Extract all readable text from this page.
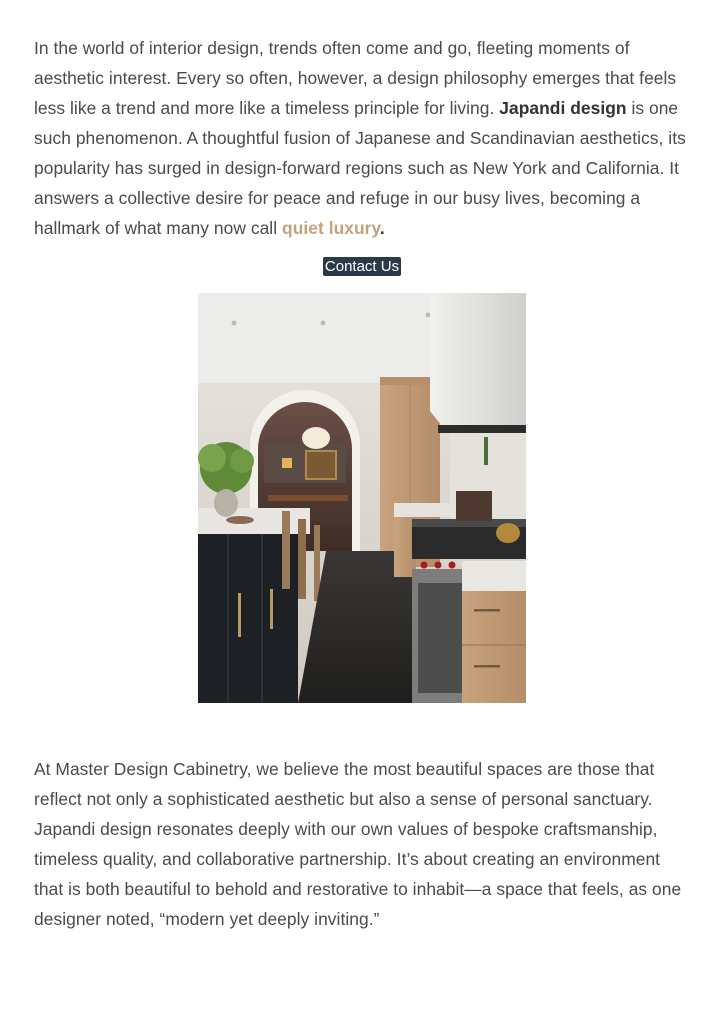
In the world of interior design, trends often come and go, fleeting moments of aesthetic interest. Every so often, however, a design philosophy emerges that feels less like a trend and more like a timeless principle for living. Japandi design is one such phenomenon. A thoughtful fusion of Japanese and Scandinavian aesthetics, its popularity has surged in design-forward regions such as New York and California. It answers a collective desire for peace and refuge in our busy lives, becoming a hallmark of what many now call quiet luxury.

Contact Us

At Master Design Cabinetry, we believe the most beautiful spaces are those that reflect not only a sophisticated aesthetic but also a sense of personal sanctuary. Japandi design resonates deeply with our own values of bespoke craftsmanship, timeless quality, and collaborative partnership. It’s about creating an environment that is both beautiful to behold and restorative to inhabit—a space that feels, as one designer noted, “modern yet deeply inviting.”
